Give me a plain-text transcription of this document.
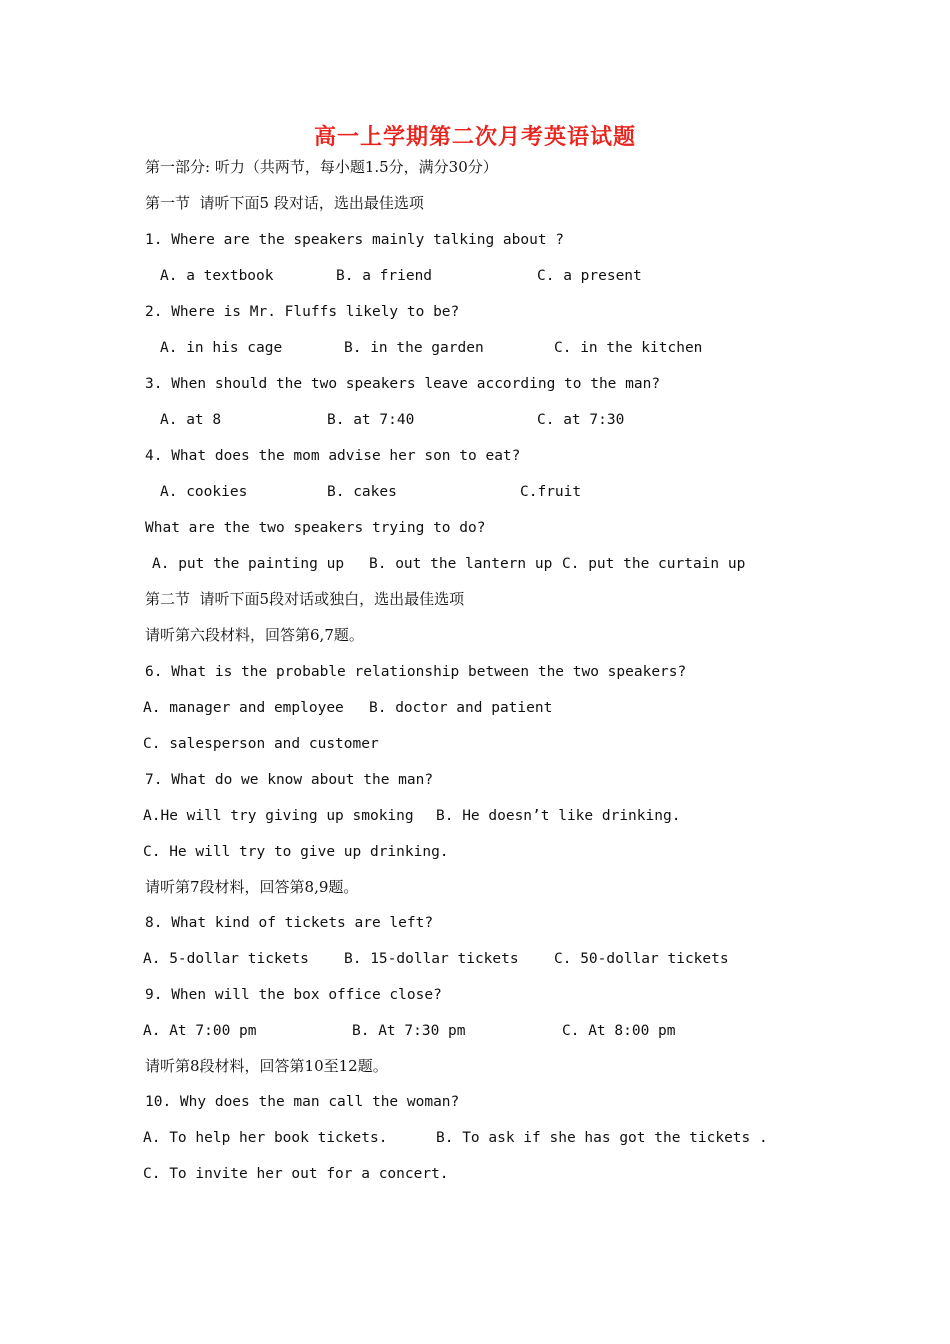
高一上学期第二次月考英语试题
第一部分: 听力（共两节，每小题1.5分，满分30分）
第一节  请听下面5 段对话，选出最佳选项
1. Where are the speakers mainly talking about ?
A. a textbook	B. a friend	C. a present
2. Where is Mr. Fluffs likely to be?
A. in his cage	B. in the garden	C. in the kitchen
3. When should the two speakers leave according to the man?
A. at 8	B. at 7:40	C. at 7:30
4. What does the mom advise her son to eat?
A. cookies	B. cakes	C.fruit
What are the two speakers trying to do?
A. put the painting up B. out the lantern up C. put the curtain up
第二节  请听下面5段对话或独白，选出最佳选项
请听第六段材料，回答第6,7题。
6. What is the probable relationship between the two speakers?
A. manager and employee B. doctor and patient
C. salesperson and customer
7. What do we know about the man?
A.He will try giving up smoking B. He doesn’t like drinking.
C. He will try to give up drinking.
请听第7段材料，回答第8,9题。
8. What kind of tickets are left?
A. 5-dollar tickets B. 15-dollar tickets C. 50-dollar tickets
9. When will the box office close?
A. At 7:00 pm	B. At 7:30 pm	C. At 8:00 pm
请听第8段材料，回答第10至12题。
10. Why does the man call the woman?
A. To help her book tickets.	B. To ask if she has got the tickets .
C. To invite her out for a concert.
